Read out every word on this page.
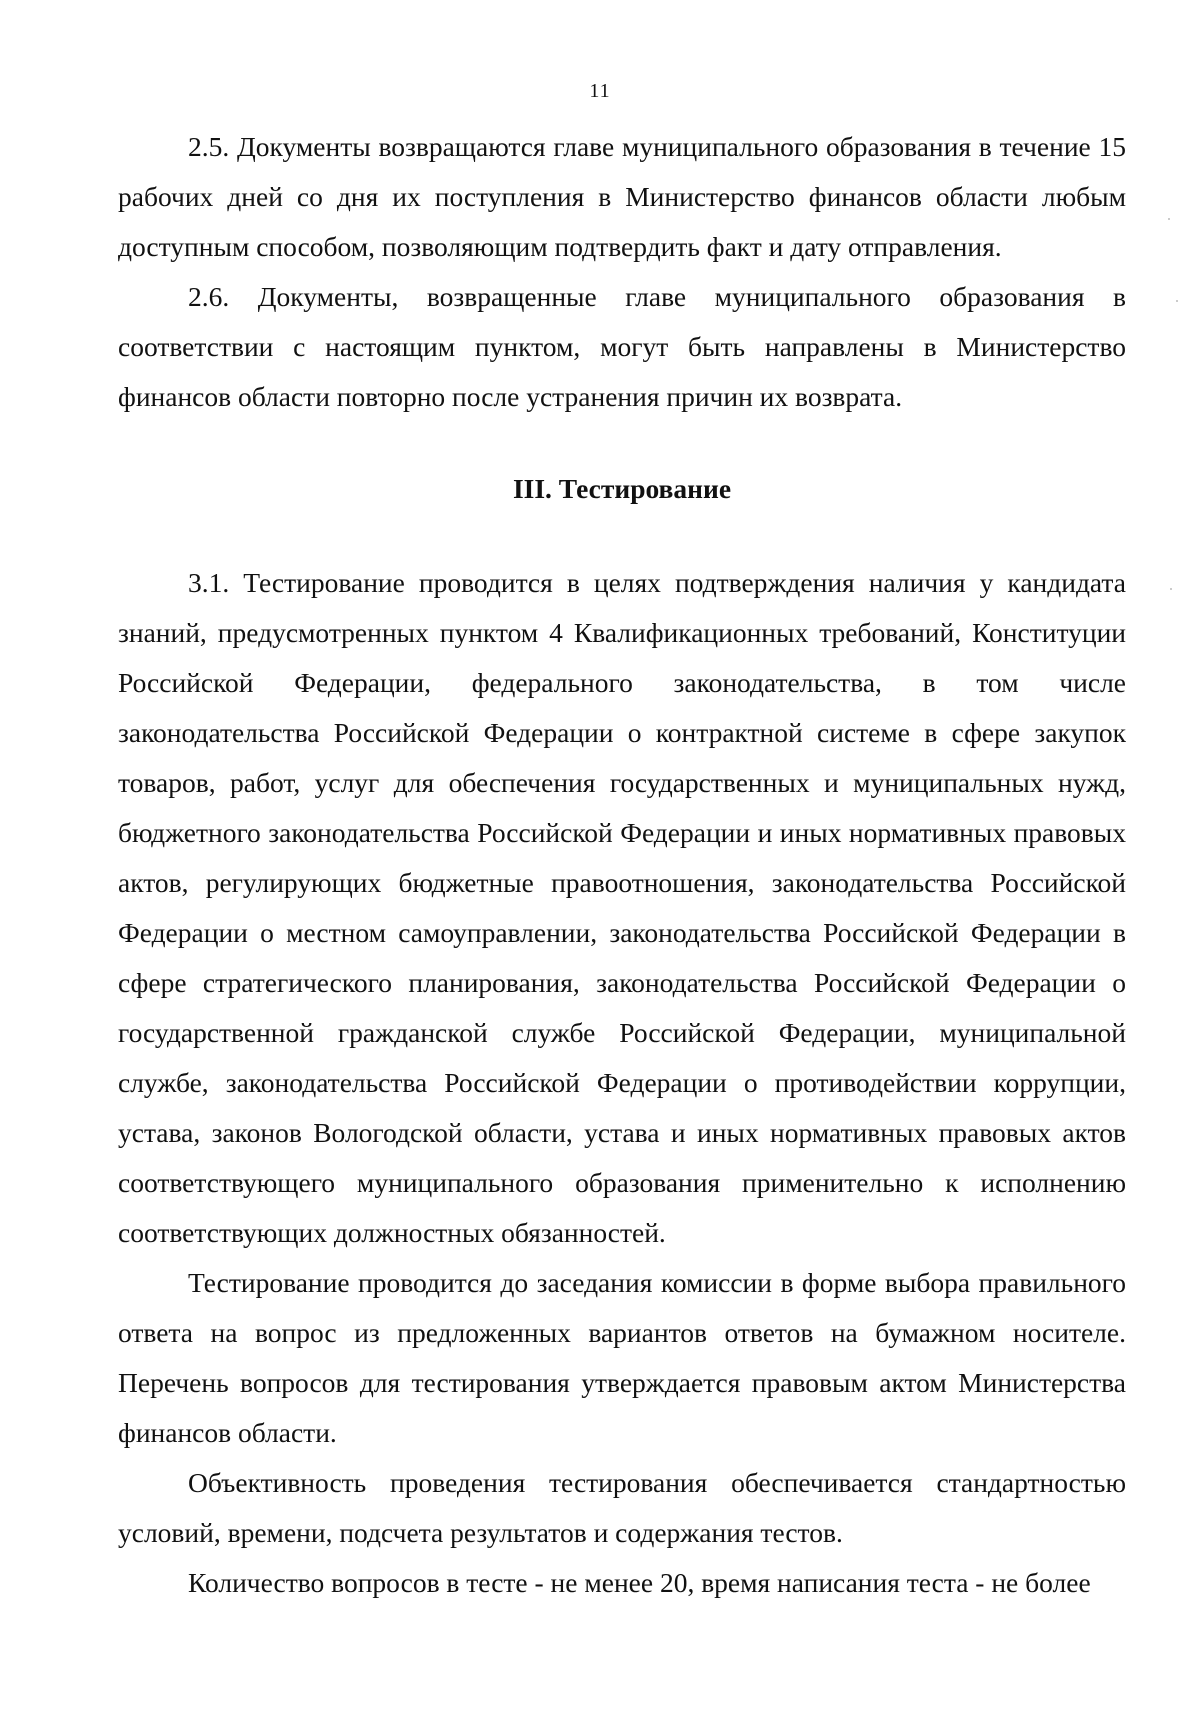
11

2.5. Документы возвращаются главе муниципального образования в течение 15 рабочих дней со дня их поступления в Министерство финансов области любым доступным способом, позволяющим подтвердить факт и дату отправления.

2.6. Документы, возвращенные главе муниципального образования в соответствии с настоящим пунктом, могут быть направлены в Министерство финансов области повторно после устранения причин их возврата.

III. Тестирование

3.1. Тестирование проводится в целях подтверждения наличия у кандидата знаний, предусмотренных пунктом 4 Квалификационных требований, Конституции Российской Федерации, федерального законодательства, в том числе законодательства Российской Федерации о контрактной системе в сфере закупок товаров, работ, услуг для обеспечения государственных и муниципальных нужд, бюджетного законодательства Российской Федерации и иных нормативных правовых актов, регулирующих бюджетные правоотношения, законодательства Российской Федерации о местном самоуправлении, законодательства Российской Федерации в сфере стратегического планирования, законодательства Российской Федерации о государственной гражданской службе Российской Федерации, муниципальной службе, законодательства Российской Федерации о противодействии коррупции, устава, законов Вологодской области, устава и иных нормативных правовых актов соответствующего муниципального образования применительно к исполнению соответствующих должностных обязанностей.

Тестирование проводится до заседания комиссии в форме выбора правильного ответа на вопрос из предложенных вариантов ответов на бумажном носителе. Перечень вопросов для тестирования утверждается правовым актом Министерства финансов области.

Объективность проведения тестирования обеспечивается стандартностью условий, времени, подсчета результатов и содержания тестов.

Количество вопросов в тесте - не менее 20, время написания теста - не более
